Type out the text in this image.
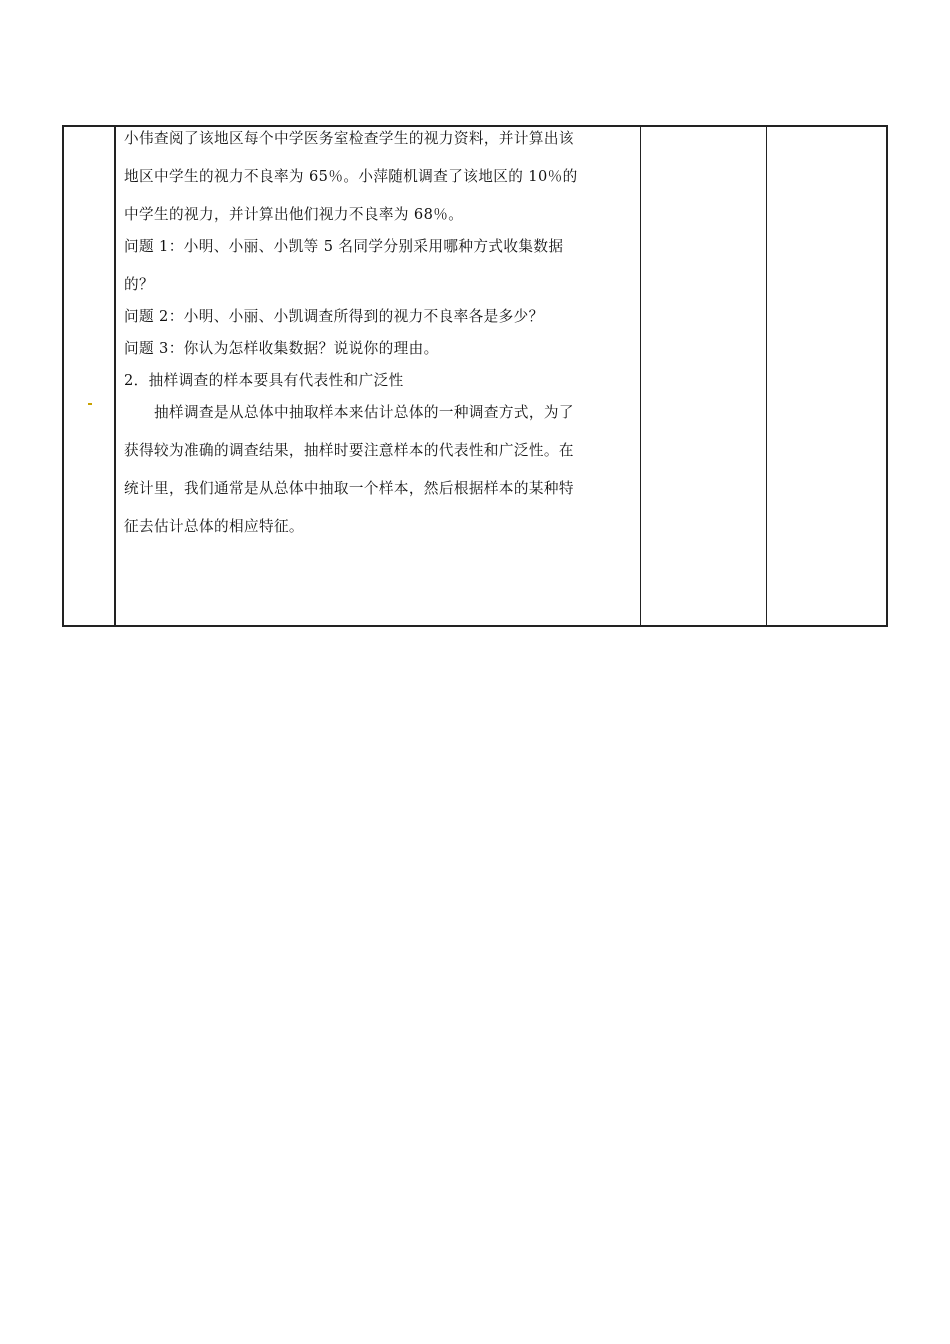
小伟查阅了该地区每个中学医务室检查学生的视力资料，并计算出该
地区中学生的视力不良率为 65％。小萍随机调查了该地区的 10％的
中学生的视力，并计算出他们视力不良率为 68％。
问题 1：小明、小丽、小凯等 5 名同学分别采用哪种方式收集数据
的？
问题 2：小明、小丽、小凯调查所得到的视力不良率各是多少？
问题 3：你认为怎样收集数据？说说你的理由。
2．抽样调查的样本要具有代表性和广泛性
抽样调查是从总体中抽取样本来估计总体的一种调查方式，为了
获得较为准确的调查结果，抽样时要注意样本的代表性和广泛性。在
统计里，我们通常是从总体中抽取一个样本，然后根据样本的某种特
征去估计总体的相应特征。
